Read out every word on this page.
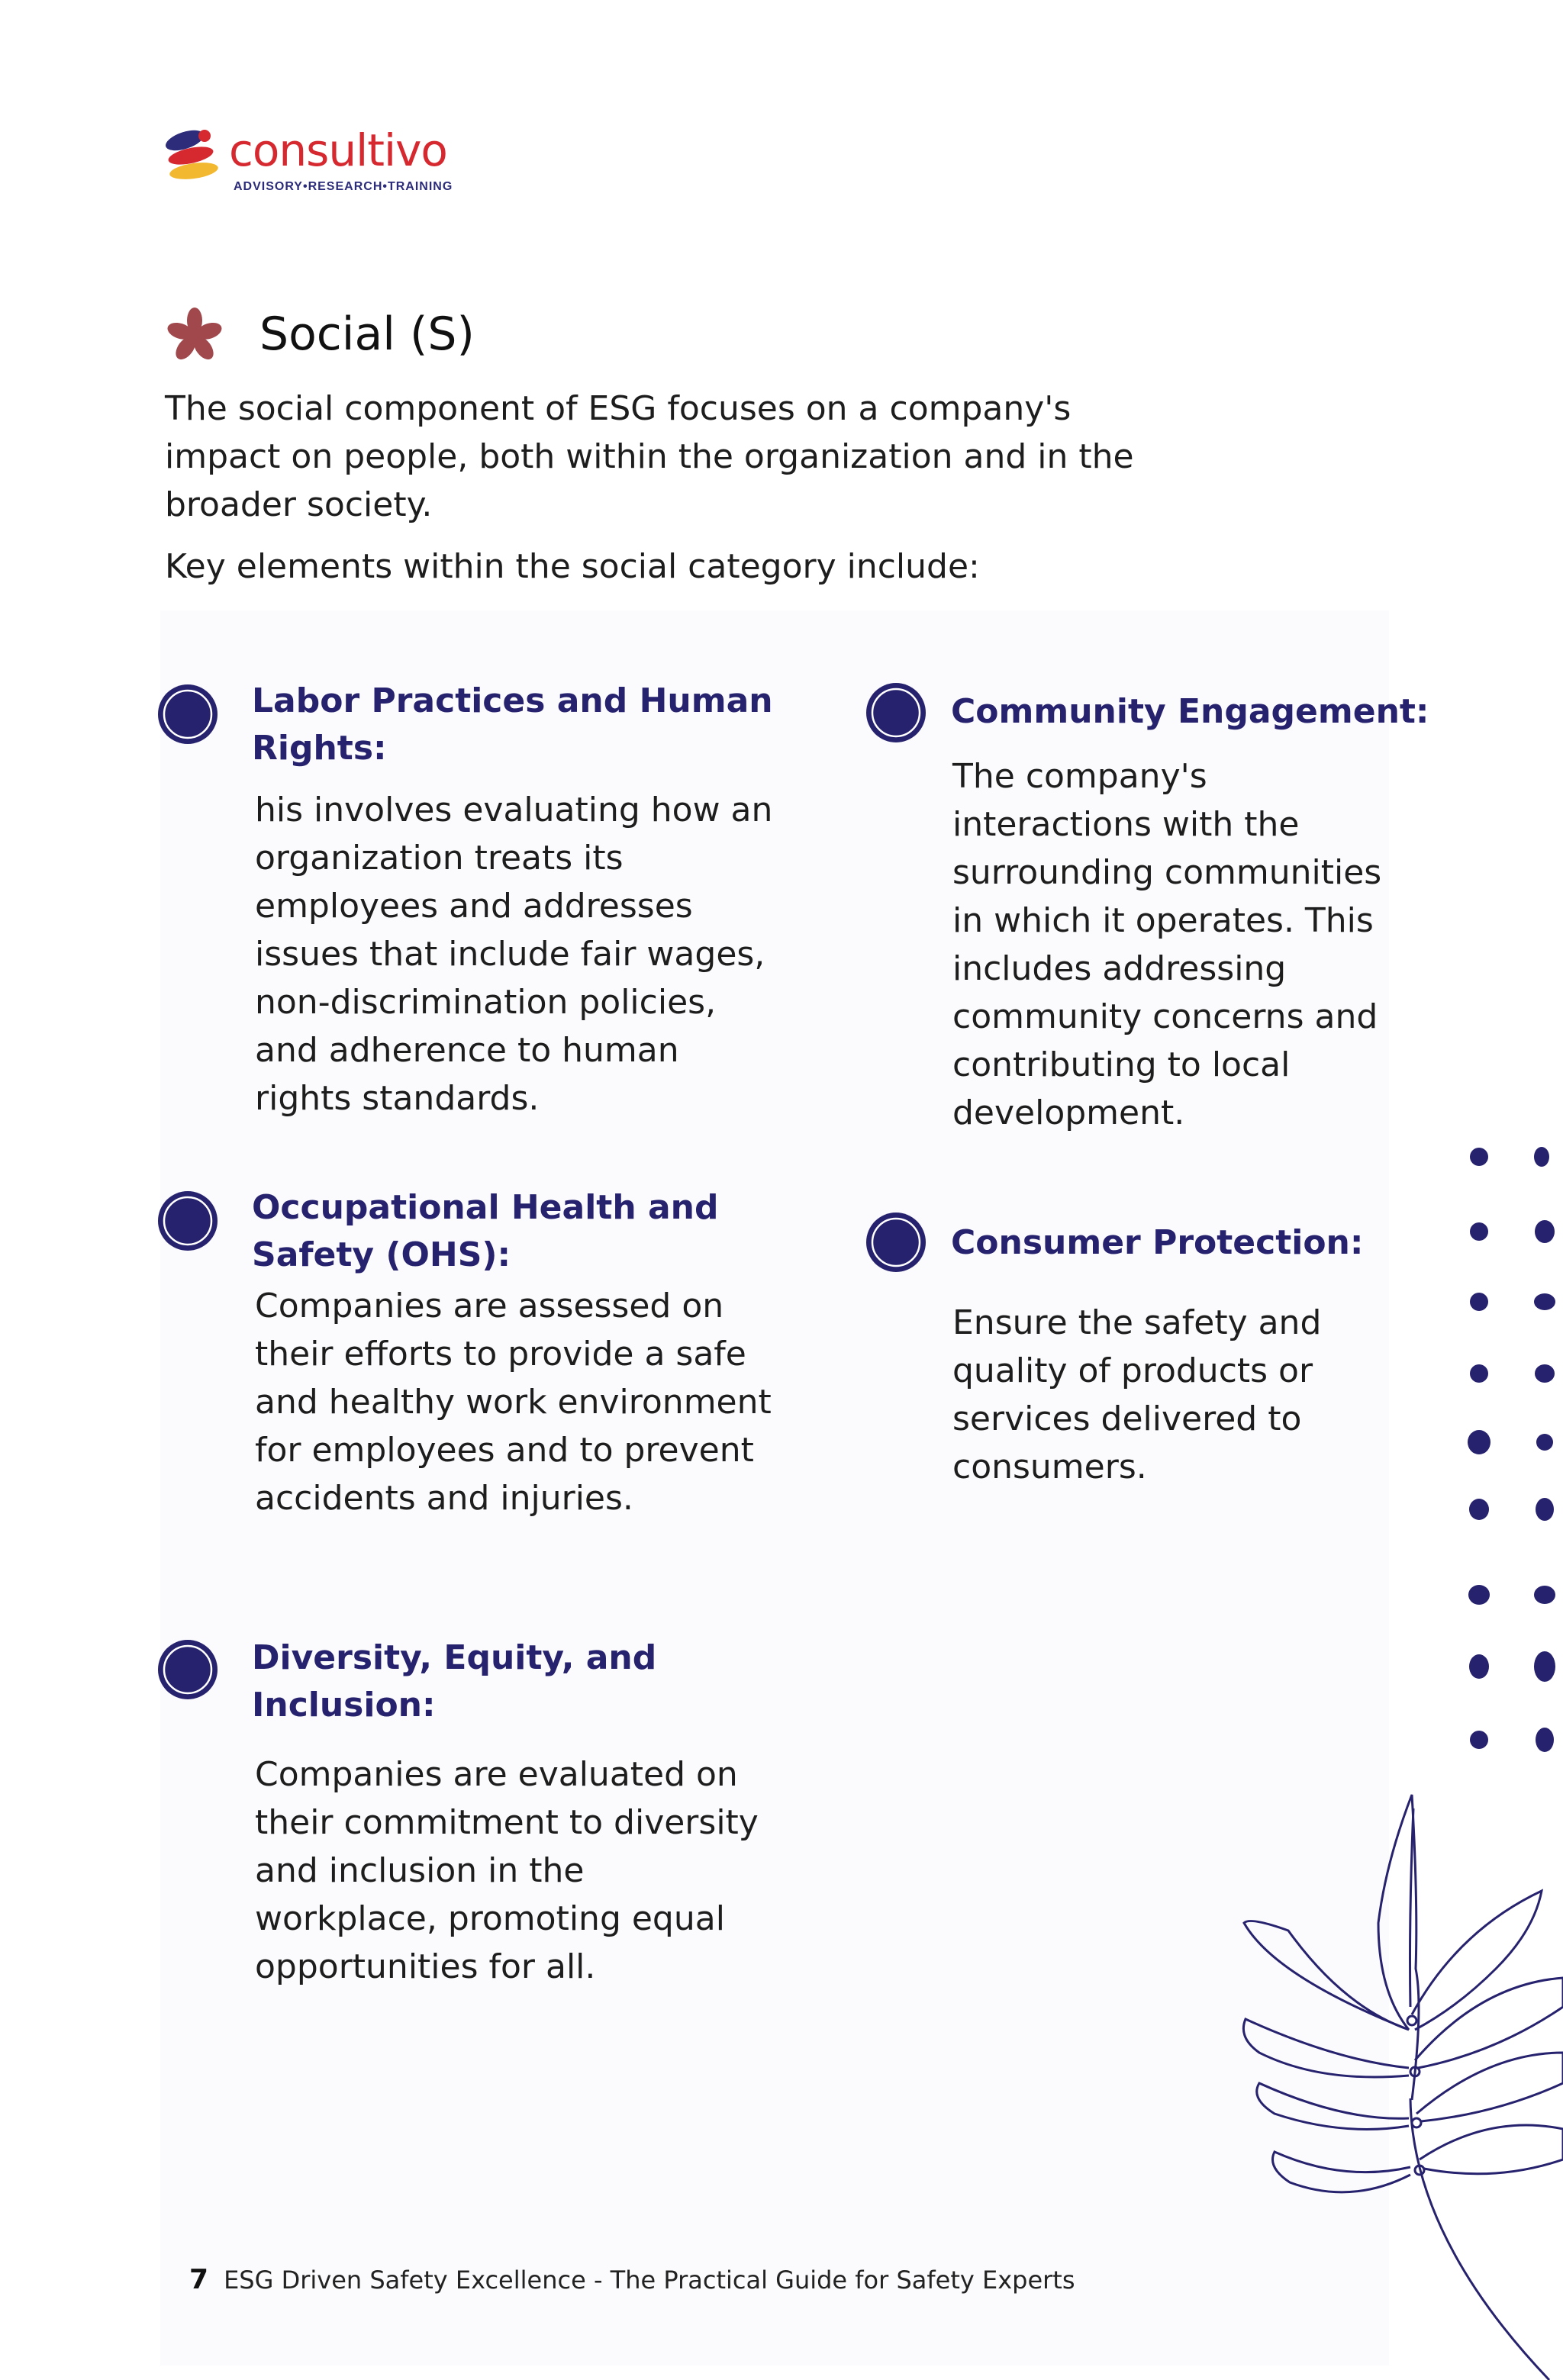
consultivo
ADVISORY•RESEARCH•TRAINING
Social (S)

The social component of ESG focuses on a company's impact on people, both within the organization and in the broader society.

Key elements within the social category include:

Labor Practices and Human Rights:
his involves evaluating how an organization treats its employees and addresses issues that include fair wages, non-discrimination policies, and adherence to human rights standards.
Occupational Health and Safety (OHS):
Companies are assessed on their efforts to provide a safe and healthy work environment for employees and to prevent accidents and injuries.
Diversity, Equity, and Inclusion:
Companies are evaluated on their commitment to diversity and inclusion in the workplace, promoting equal opportunities for all.
Community Engagement:
The company's interactions with the surrounding communities in which it operates. This includes addressing community concerns and contributing to local development.
Consumer Protection:
Ensure the safety and quality of products or services delivered to consumers.
7 ESG Driven Safety Excellence - The Practical Guide for Safety Experts
